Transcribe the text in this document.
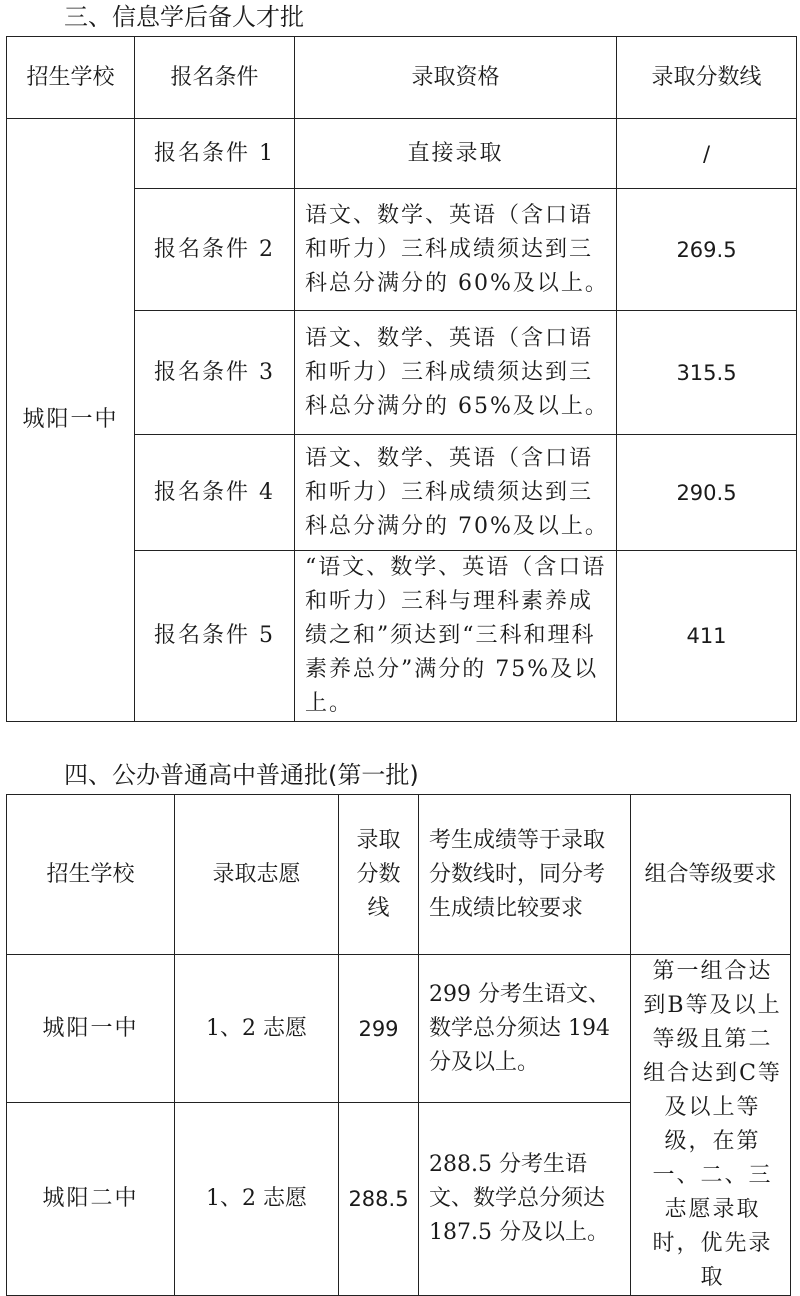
三、信息学后备人才批
招生学校	报名条件	录取资格	录取分数线
城阳一中	报名条件 1	直接录取	/
	报名条件 2	语文、数学、英语（含口语和听力）三科成绩须达到三科总分满分的 60%及以上。	269.5
	报名条件 3	语文、数学、英语（含口语和听力）三科成绩须达到三科总分满分的 65%及以上。	315.5
	报名条件 4	语文、数学、英语（含口语和听力）三科成绩须达到三科总分满分的 70%及以上。	290.5
	报名条件 5	“语文、数学、英语（含口语和听力）三科与理科素养成绩之和”须达到“三科和理科素养总分”满分的 75%及以上。	411
四、公办普通高中普通批(第一批)
招生学校	录取志愿	录取分数线	考生成绩等于录取分数线时，同分考生成绩比较要求	组合等级要求
城阳一中	1、2 志愿	299	299 分考生语文、数学总分须达 194 分及以上。	第一组合达到B等及以上等级且第二组合达到C等及以上等级，在第一、二、三志愿录取时，优先录取
城阳二中	1、2 志愿	288.5	288.5 分考生语文、数学总分须达 187.5 分及以上。	
